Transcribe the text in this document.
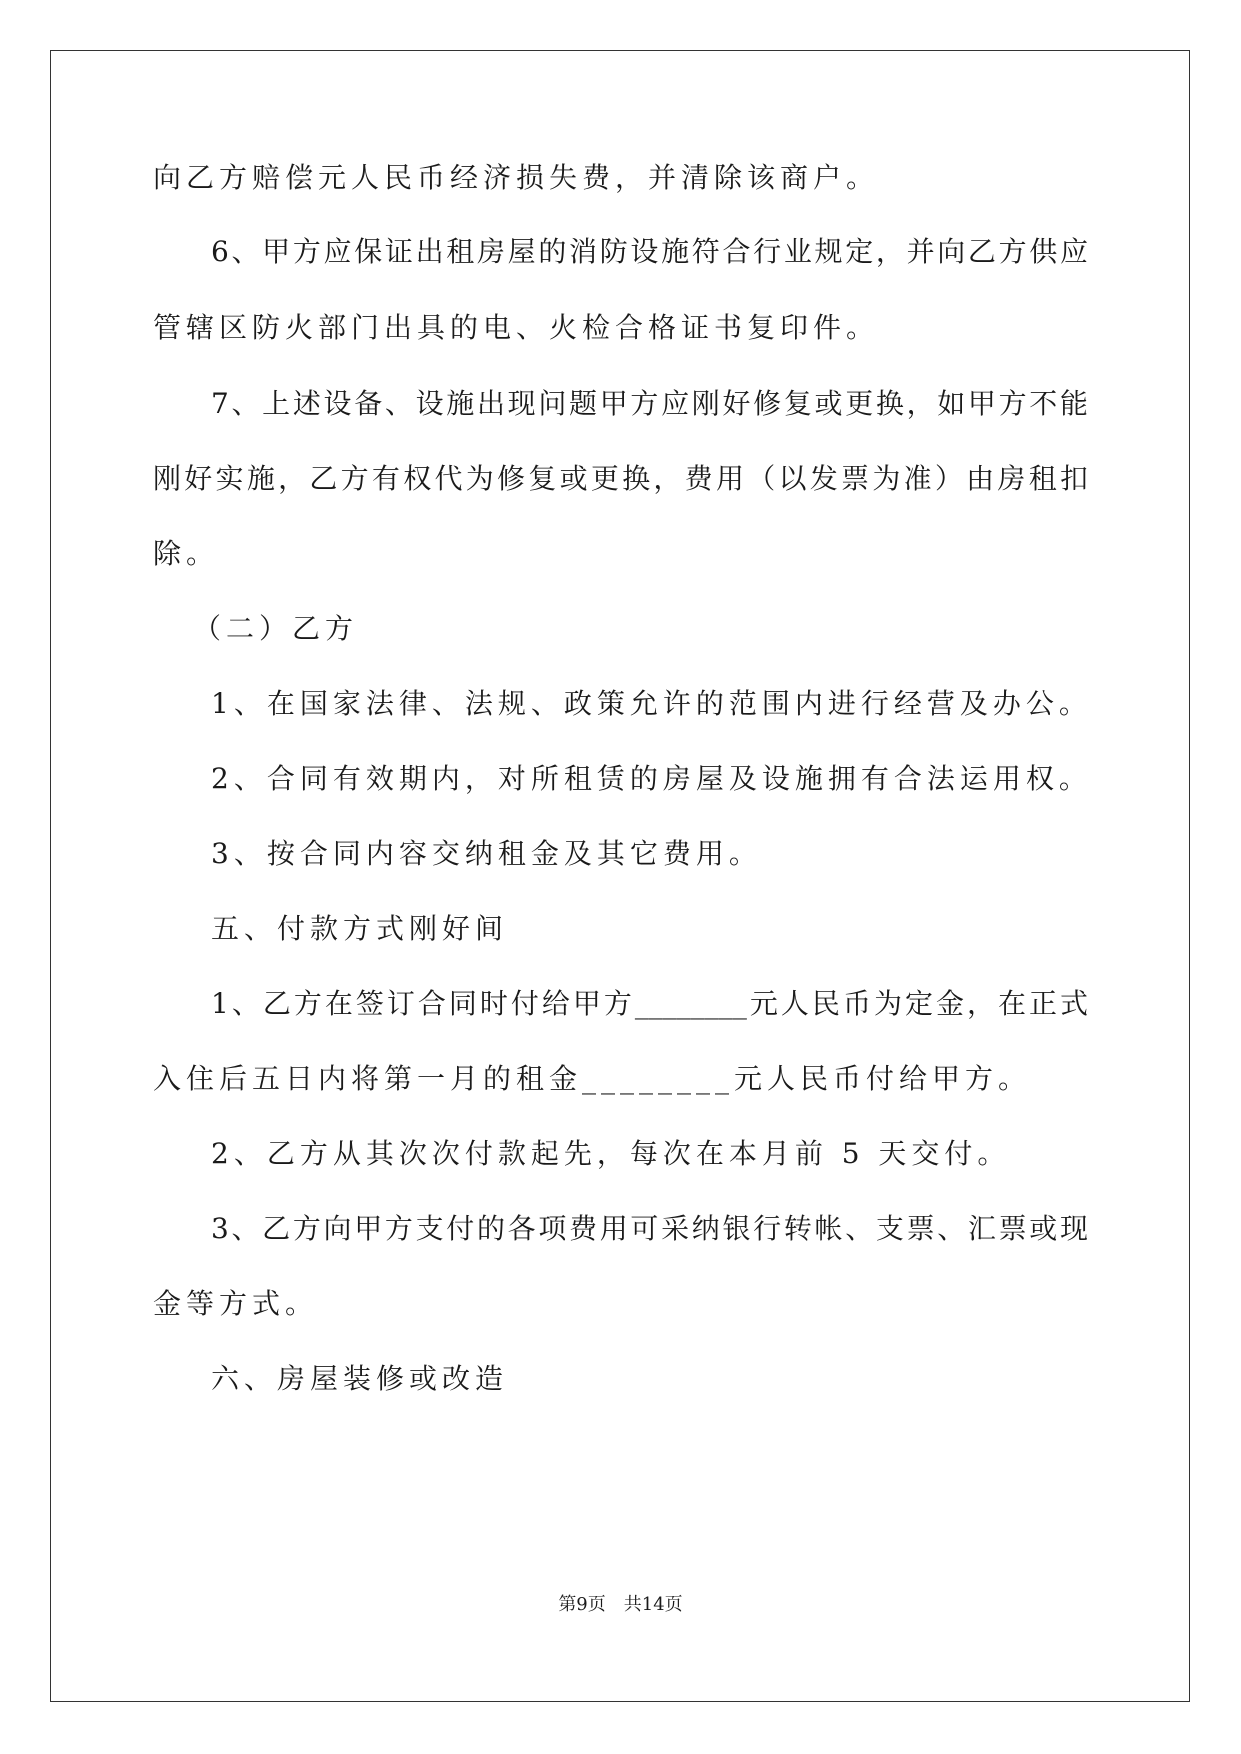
向乙方赔偿元人民币经济损失费，并清除该商户。
6、甲方应保证出租房屋的消防设施符合行业规定，并向乙方供应
管辖区防火部门出具的电、火检合格证书复印件。
7、上述设备、设施出现问题甲方应刚好修复或更换，如甲方不能
刚好实施，乙方有权代为修复或更换，费用（以发票为准）由房租扣
除。
（二）乙方
1、在国家法律、法规、政策允许的范围内进行经营及办公。
2、合同有效期内，对所租赁的房屋及设施拥有合法运用权。
3、按合同内容交纳租金及其它费用。
五、付款方式刚好间
1、乙方在签订合同时付给甲方________元人民币为定金，在正式
入住后五日内将第一月的租金________元人民币付给甲方。
2、乙方从其次次付款起先，每次在本月前 5 天交付。
3、乙方向甲方支付的各项费用可采纳银行转帐、支票、汇票或现
金等方式。
六、房屋装修或改造
第9页 共14页
